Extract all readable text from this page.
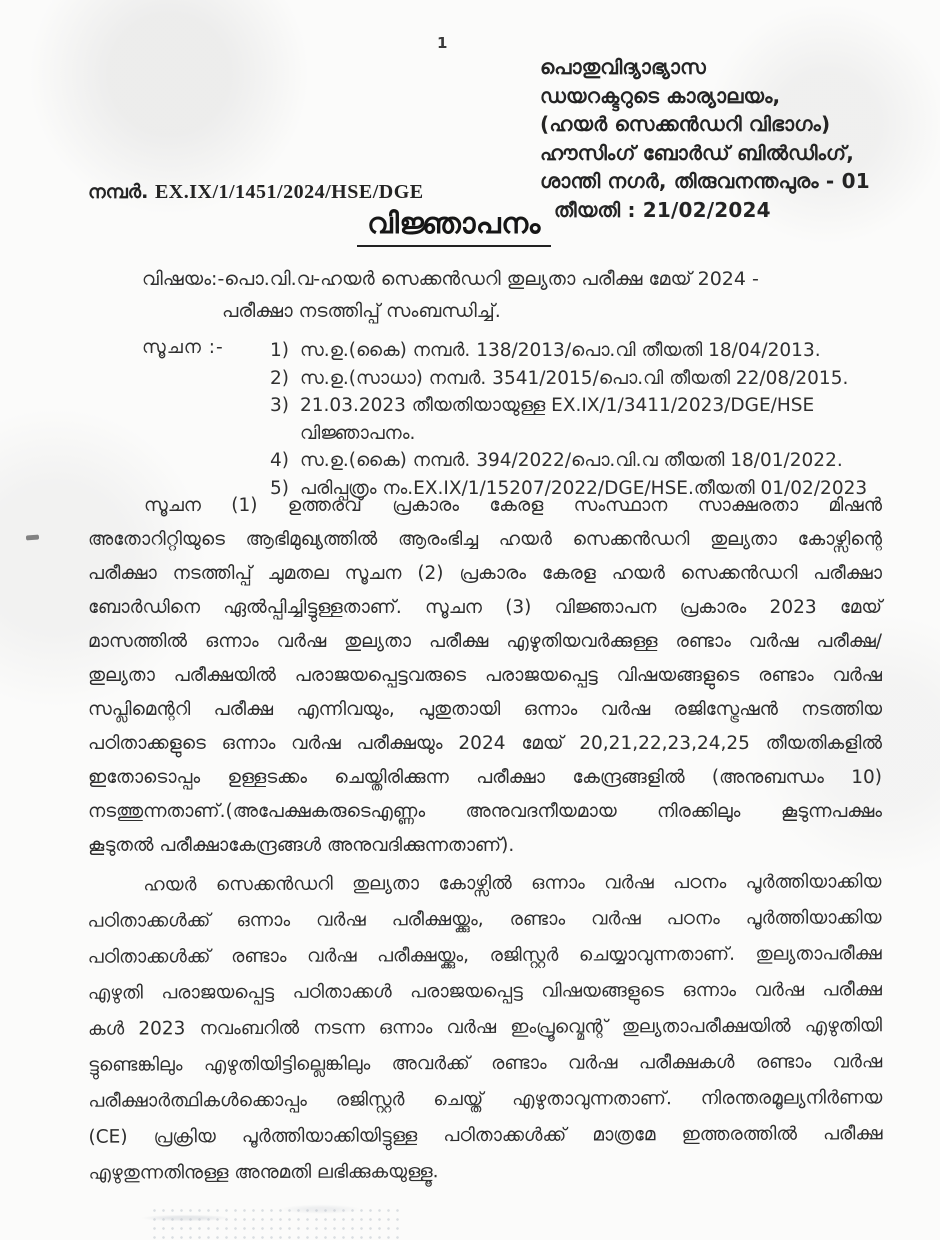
1
പൊതുവിദ്യാഭ്യാസ
ഡയറക്ടറുടെ കാര്യാലയം,
(ഹയർ സെക്കൻഡറി വിഭാഗം)
ഹൗസിംഗ് ബോർഡ് ബിൽഡിംഗ്,
ശാന്തി നഗർ, തിരുവനന്തപുരം - 01
തീയതി : 21/02/2024
നമ്പർ. EX.IX/1/1451/2024/HSE/DGE
വിജ്ഞാപനം
വിഷയം:-പൊ.വി.വ-ഹയർ സെക്കൻഡറി തുല്യതാ പരീക്ഷ മേയ് 2024 -
പരീക്ഷാ നടത്തിപ്പ് സംബന്ധിച്ച്.
സൂചന :-	1) സ.ഉ.(കൈ) നമ്പർ. 138/2013/പൊ.വി തീയതി 18/04/2013.
2) സ.ഉ.(സാധാ) നമ്പർ. 3541/2015/പൊ.വി തീയതി 22/08/2015.
3) 21.03.2023 തീയതിയായുള്ള EX.IX/1/3411/2023/DGE/HSE
വിജ്ഞാപനം.
4) സ.ഉ.(കൈ) നമ്പർ. 394/2022/പൊ.വി.വ തീയതി 18/01/2022.
5) പരിപ്പത്രം നം.EX.IX/1/15207/2022/DGE/HSE.തീയതി 01/02/2023
സൂചന (1) ഉത്തരവ് പ്രകാരം കേരള സംസ്ഥാന സാക്ഷരതാ മിഷൻ
അതോറിറ്റിയുടെ ആഭിമുഖ്യത്തിൽ ആരംഭിച്ച ഹയർ സെക്കൻഡറി തുല്യതാ കോഴ്സിന്റെ
പരീക്ഷാ നടത്തിപ്പ് ചുമതല സൂചന (2) പ്രകാരം കേരള ഹയർ സെക്കൻഡറി പരീക്ഷാ
ബോർഡിനെ ഏൽപ്പിച്ചിട്ടുള്ളതാണ്. സൂചന (3) വിജ്ഞാപന പ്രകാരം 2023 മേയ്
മാസത്തിൽ ഒന്നാം വർഷ തുല്യതാ പരീക്ഷ എഴുതിയവർക്കുള്ള രണ്ടാം വർഷ പരീക്ഷ/
തുല്യതാ പരീക്ഷയിൽ പരാജയപ്പെട്ടവരുടെ പരാജയപ്പെട്ട വിഷയങ്ങളുടെ രണ്ടാം വർഷ
സപ്ലിമെന്ററി പരീക്ഷ എന്നിവയും, പുതുതായി ഒന്നാം വർഷ രജിസ്ട്രേഷൻ നടത്തിയ
പഠിതാക്കളുടെ ഒന്നാം വർഷ പരീക്ഷയും 2024 മേയ് 20,21,22,23,24,25 തീയതികളിൽ
ഇതോടൊപ്പം ഉള്ളടക്കം ചെയ്തിരിക്കുന്ന പരീക്ഷാ കേന്ദ്രങ്ങളിൽ (അനുബന്ധം 10)
നടത്തുന്നതാണ്.(അപേക്ഷകരുടെഎണ്ണം അനുവദനീയമായ നിരക്കിലും കൂടുന്നപക്ഷം
കൂടുതൽ പരീക്ഷാകേന്ദ്രങ്ങൾ അനുവദിക്കുന്നതാണ്).
ഹയർ സെക്കൻഡറി തുല്യതാ കോഴ്സിൽ ഒന്നാം വർഷ പഠനം പൂർത്തിയാക്കിയ
പഠിതാക്കൾക്ക് ഒന്നാം വർഷ പരീക്ഷയ്ക്കും, രണ്ടാം വർഷ പഠനം പൂർത്തിയാക്കിയ
പഠിതാക്കൾക്ക് രണ്ടാം വർഷ പരീക്ഷയ്ക്കും, രജിസ്റ്റർ ചെയ്യാവുന്നതാണ്. തുല്യതാപരീക്ഷ
എഴുതി പരാജയപ്പെട്ട പഠിതാക്കൾ പരാജയപ്പെട്ട വിഷയങ്ങളുടെ ഒന്നാം വർഷ പരീക്ഷ
കൾ 2023 നവംബറിൽ നടന്ന ഒന്നാം വർഷ ഇംപ്രൂവ്മെന്റ് തുല്യതാപരീക്ഷയിൽ എഴുതിയി
ട്ടുണ്ടെങ്കിലും എഴുതിയിട്ടില്ലെങ്കിലും അവർക്ക് രണ്ടാം വർഷ പരീക്ഷകൾ രണ്ടാം വർഷ
പരീക്ഷാർത്ഥികൾക്കൊപ്പം രജിസ്റ്റർ ചെയ്ത് എഴുതാവുന്നതാണ്. നിരന്തരമൂല്യനിർണയ
(CE) പ്രക്രിയ പൂർത്തിയാക്കിയിട്ടുള്ള പഠിതാക്കൾക്ക് മാത്രമേ ഇത്തരത്തിൽ പരീക്ഷ
എഴുതുന്നതിനുള്ള അനുമതി ലഭിക്കുകയുള്ളൂ.
